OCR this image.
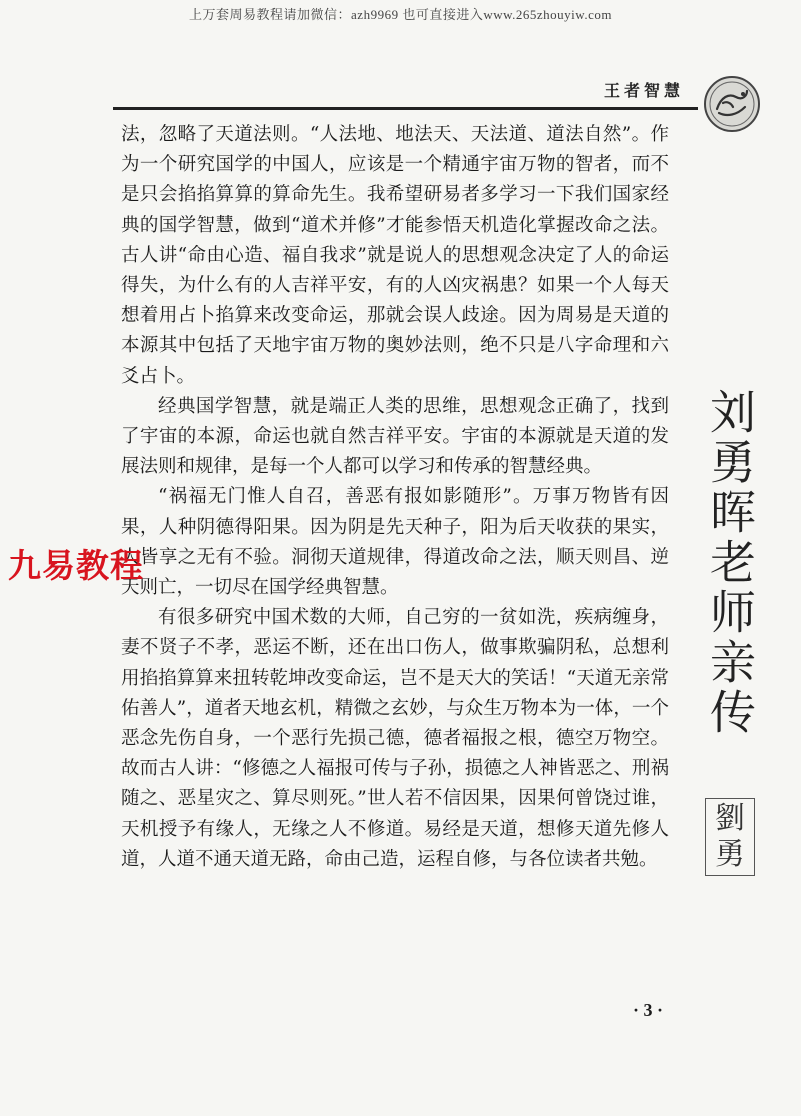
上万套周易教程请加微信：azh9969 也可直接进入www.265zhouyiw.com
王者智慧

法，忽略了天道法则。“人法地、地法天、天法道、道法自然”。作为一个研究国学的中国人，应该是一个精通宇宙万物的智者，而不是只会掐掐算算的算命先生。我希望研易者多学习一下我们国家经典的国学智慧，做到“道术并修”才能参悟天机造化掌握改命之法。古人讲“命由心造、福自我求”就是说人的思想观念决定了人的命运得失，为什么有的人吉祥平安，有的人凶灾祸患？如果一个人每天想着用占卜掐算来改变命运，那就会误人歧途。因为周易是天道的本源其中包括了天地宇宙万物的奥妙法则，绝不只是八字命理和六爻占卜。

经典国学智慧，就是端正人类的思维，思想观念正确了，找到了宇宙的本源，命运也就自然吉祥平安。宇宙的本源就是天道的发展法则和规律，是每一个人都可以学习和传承的智慧经典。

“祸福无门惟人自召，善恶有报如影随形”。万事万物皆有因果，人种阴德得阳果。因为阴是先天种子，阳为后天收获的果实，人皆享之无有不验。洞彻天道规律，得道改命之法，顺天则昌、逆天则亡，一切尽在国学经典智慧。

有很多研究中国术数的大师，自己穷的一贫如洗，疾病缠身，妻不贤子不孝，恶运不断，还在出口伤人，做事欺骗阴私，总想利用掐掐算算来扭转乾坤改变命运，岂不是天大的笑话！“天道无亲常佑善人”，道者天地玄机，精微之玄妙，与众生万物本为一体，一个恶念先伤自身，一个恶行先损己德，德者福报之根，德空万物空。故而古人讲：“修德之人福报可传与子孙，损德之人神皆恶之、刑祸随之、恶星灾之、算尽则死。”世人若不信因果，因果何曾饶过谁，天机授予有缘人，无缘之人不修道。易经是天道，想修天道先修人道，人道不通天道无路，命由己造，运程自修，与各位读者共勉。

刘勇晖老师亲传
九易教程
劉
勇
· 3 ·
